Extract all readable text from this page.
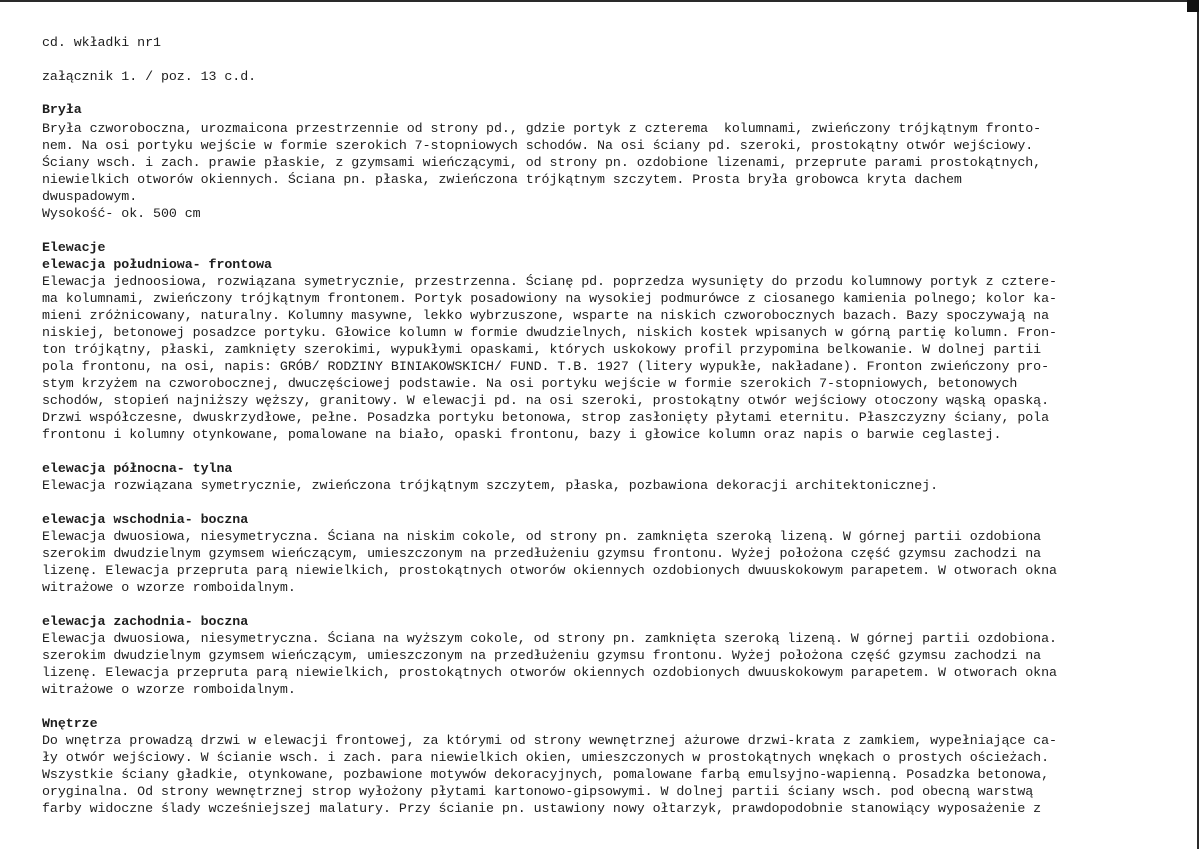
cd. wkładki nr1
załącznik 1. / poz. 13 c.d.
Bryła
Bryła czworoboczna, urozmaicona przestrzennie od strony pd., gdzie portyk z czterema  kolumnami, zwieńczony trójkątnym fronto-
nem. Na osi portyku wejście w formie szerokich 7-stopniowych schodów. Na osi ściany pd. szeroki, prostokątny otwór wejściowy.
Ściany wsch. i zach. prawie płaskie, z gzymsami wieńczącymi, od strony pn. ozdobione lizenami, przeprute parami prostokątnych,
niewielkich otworów okiennych. Ściana pn. płaska, zwieńczona trójkątnym szczytem. Prosta bryła grobowca kryta dachem
dwuspadowym.
Wysokość- ok. 500 cm
Elewacje
elewacja południowa- frontowa
Elewacja jednoosiowa, rozwiązana symetrycznie, przestrzenna. Ścianę pd. poprzedza wysunięty do przodu kolumnowy portyk z cztere-
ma kolumnami, zwieńczony trójkątnym frontonem. Portyk posadowiony na wysokiej podmurówce z ciosanego kamienia polnego; kolor ka-
mieni zróżnicowany, naturalny. Kolumny masywne, lekko wybrzuszone, wsparte na niskich czworobocznych bazach. Bazy spoczywają na
niskiej, betonowej posadzce portyku. Głowice kolumn w formie dwudzielnych, niskich kostek wpisanych w górną partię kolumn. Fron-
ton trójkątny, płaski, zamknięty szerokimi, wypukłymi opaskami, których uskokowy profil przypomina belkowanie. W dolnej partii
pola frontonu, na osi, napis: GRÓB/ RODZINY BINIAKOWSKICH/ FUND. T.B. 1927 (litery wypukłe, nakładane). Fronton zwieńczony pro-
stym krzyżem na czworobocznej, dwuczęściowej podstawie. Na osi portyku wejście w formie szerokich 7-stopniowych, betonowych
schodów, stopień najniższy węższy, granitowy. W elewacji pd. na osi szeroki, prostokątny otwór wejściowy otoczony wąską opaską.
Drzwi współczesne, dwuskrzydłowe, pełne. Posadzka portyku betonowa, strop zasłonięty płytami eternitu. Płaszczyzny ściany, pola
frontonu i kolumny otynkowane, pomalowane na biało, opaski frontonu, bazy i głowice kolumn oraz napis o barwie ceglastej.
elewacja północna- tylna
Elewacja rozwiązana symetrycznie, zwieńczona trójkątnym szczytem, płaska, pozbawiona dekoracji architektonicznej.
elewacja wschodnia- boczna
Elewacja dwuosiowa, niesymetryczna. Ściana na niskim cokole, od strony pn. zamknięta szeroką lizeną. W górnej partii ozdobiona
szerokim dwudzielnym gzymsem wieńczącym, umieszczonym na przedłużeniu gzymsu frontonu. Wyżej położona część gzymsu zachodzi na
lizenę. Elewacja przepruta parą niewielkich, prostokątnych otworów okiennych ozdobionych dwuuskokowym parapetem. W otworach okna
witrażowe o wzorze romboidalnym.
elewacja zachodnia- boczna
Elewacja dwuosiowa, niesymetryczna. Ściana na wyższym cokole, od strony pn. zamknięta szeroką lizeną. W górnej partii ozdobiona.
szerokim dwudzielnym gzymsem wieńczącym, umieszczonym na przedłużeniu gzymsu frontonu. Wyżej położona część gzymsu zachodzi na
lizenę. Elewacja przepruta parą niewielkich, prostokątnych otworów okiennych ozdobionych dwuuskokowym parapetem. W otworach okna
witrażowe o wzorze romboidalnym.
Wnętrze
Do wnętrza prowadzą drzwi w elewacji frontowej, za którymi od strony wewnętrznej ażurowe drzwi-krata z zamkiem, wypełniające ca-
ły otwór wejściowy. W ścianie wsch. i zach. para niewielkich okien, umieszczonych w prostokątnych wnękach o prostych ościeżach.
Wszystkie ściany gładkie, otynkowane, pozbawione motywów dekoracyjnych, pomalowane farbą emulsyjno-wapienną. Posadzka betonowa,
oryginalna. Od strony wewnętrznej strop wyłożony płytami kartonowo-gipsowymi. W dolnej partii ściany wsch. pod obecną warstwą
farby widoczne ślady wcześniejszej malatury. Przy ścianie pn. ustawiony nowy ołtarzyk, prawdopodobnie stanowiący wyposażenie z
